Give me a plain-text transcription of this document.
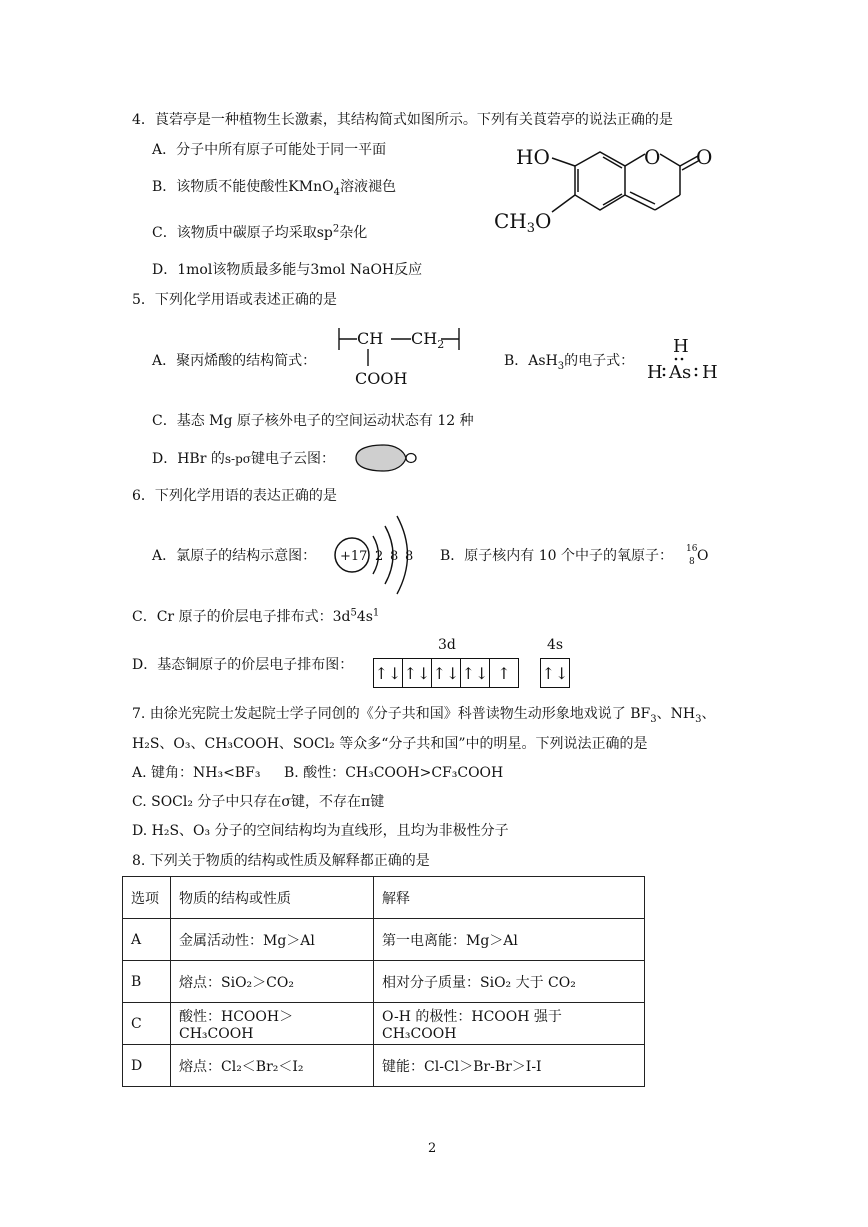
4．莨菪亭是一种植物生长激素，其结构简式如图所示。下列有关莨菪亭的说法正确的是
A．分子中所有原子可能处于同一平面
B．该物质不能使酸性KMnO$_4$溶液褪色
C．该物质中碳原子均采取$sp^2$杂化
D．1mol该物质最多能与3mol NaOH反应
HO	O O
$CH_3O$
5．下列化学用语或表述正确的是
A．聚丙烯酸的结构简式：
CH $CH_2$
COOH
B．AsH$_3$的电子式：
H
H As H
C．基态 Mg 原子核外电子的空间运动状态有 12 种
D．HBr 的s-pσ键电子云图：
6．下列化学用语的表达正确的是
A．氯原子的结构示意图： +17 2 8 8 B．原子核内有 10 个中子的氧原子： 16
8 O
C．Cr 原子的价层电子排布式：$3d^54s^1$
D．基态铜原子的价层电子排布图：
3d	4s
↑↓ ↑↓ ↑↓ ↑↓ ↑	↑↓
7. 由徐光宪院士发起院士学子同创的《分子共和国》科普读物生动形象地戏说了 $BF_3$、$NH_3$、
H₂S、O₃、CH₃COOH、SOCl₂ 等众多“分子共和国”中的明星。下列说法正确的是
A. 键角：NH₃<BF₃ B. 酸性：CH₃COOH>CF₃COOH
C. SOCl₂ 分子中只存在σ键，不存在π键
D. H₂S、O₃ 分子的空间结构均为直线形，且均为非极性分子
8. 下列关于物质的结构或性质及解释都正确的是
选项	物质的结构或性质	解释
A	金属活动性：Mg＞Al	第一电离能：Mg＞Al
B	熔点：SiO₂＞CO₂	相对分子质量：SiO₂ 大于 CO₂
C	酸性：HCOOH＞CH₃COOH	O-H 的极性：HCOOH 强于 CH₃COOH
D	熔点：Cl₂＜Br₂＜I₂	键能：Cl-Cl＞Br-Br＞I-I
2
